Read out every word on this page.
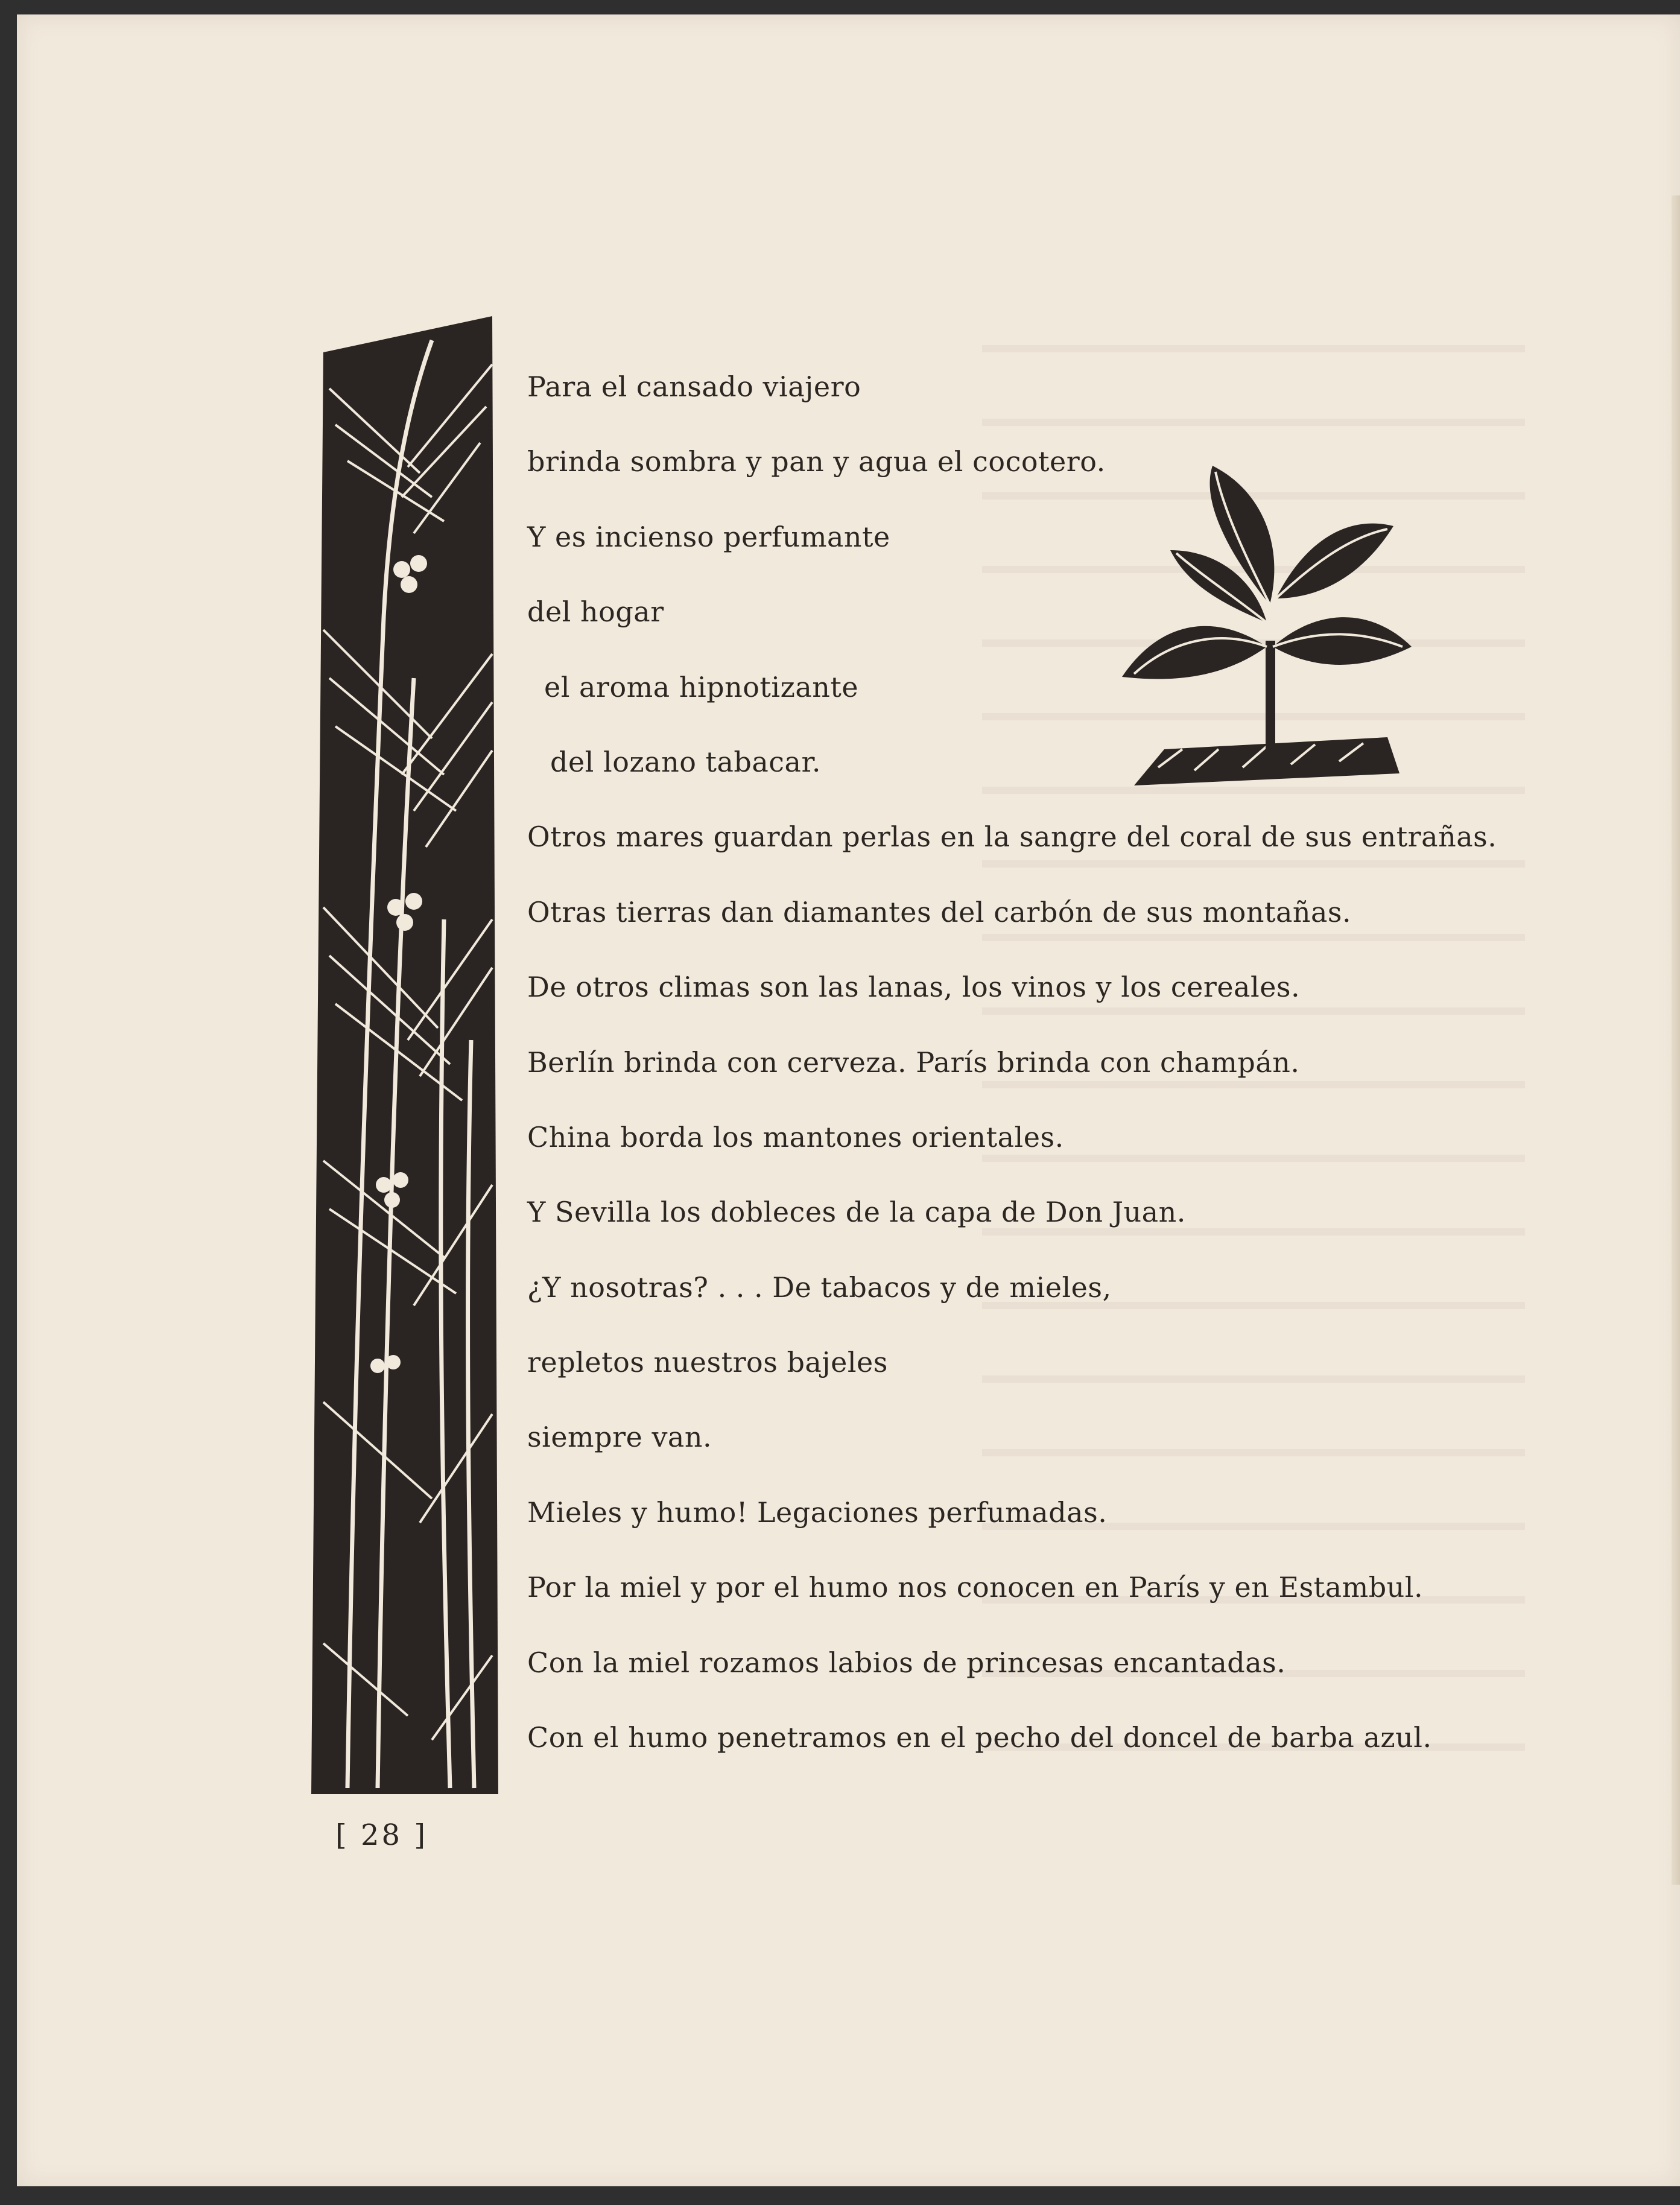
Para el cansado viajero
brinda sombra y pan y agua el cocotero.
Y es incienso perfumante
del hogar
el aroma hipnotizante
del lozano tabacar.
Otros mares guardan perlas en la sangre del coral de sus entrañas.
Otras tierras dan diamantes del carbón de sus montañas.
De otros climas son las lanas, los vinos y los cereales.
Berlín brinda con cerveza. París brinda con champán.
China borda los mantones orientales.
Y Sevilla los dobleces de la capa de Don Juan.
¿Y nosotras? . . . De tabacos y de mieles,
repletos nuestros bajeles
siempre van.
Mieles y humo! Legaciones perfumadas.
Por la miel y por el humo nos conocen en París y en Estambul.
Con la miel rozamos labios de princesas encantadas.
Con el humo penetramos en el pecho del doncel de barba azul.
[ 28 ]
